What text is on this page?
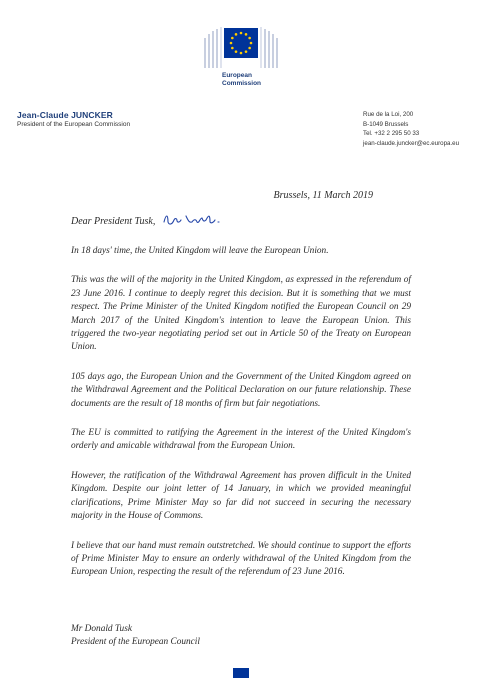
European
Commission
Jean-Claude JUNCKER
President of the European Commission
Rue de la Loi, 200
B-1049 Brussels
Tel. +32 2 295 50 33
jean-claude.juncker@ec.europa.eu
Brussels, 11 March 2019
Dear President Tusk,

In 18 days' time, the United Kingdom will leave the European Union.

This was the will of the majority in the United Kingdom, as expressed in the referendum of 23 June 2016. I continue to deeply regret this decision. But it is something that we must respect. The Prime Minister of the United Kingdom notified the European Council on 29 March 2017 of the United Kingdom's intention to leave the European Union. This triggered the two-year negotiating period set out in Article 50 of the Treaty on European Union.

105 days ago, the European Union and the Government of the United Kingdom agreed on the Withdrawal Agreement and the Political Declaration on our future relationship. These documents are the result of 18 months of firm but fair negotiations.

The EU is committed to ratifying the Agreement in the interest of the United Kingdom's orderly and amicable withdrawal from the European Union.

However, the ratification of the Withdrawal Agreement has proven difficult in the United Kingdom. Despite our joint letter of 14 January, in which we provided meaningful clarifications, Prime Minister May so far did not succeed in securing the necessary majority in the House of Commons.

I believe that our hand must remain outstretched. We should continue to support the efforts of Prime Minister May to ensure an orderly withdrawal of the United Kingdom from the European Union, respecting the result of the referendum of 23 June 2016.

Mr Donald Tusk
President of the European Council
